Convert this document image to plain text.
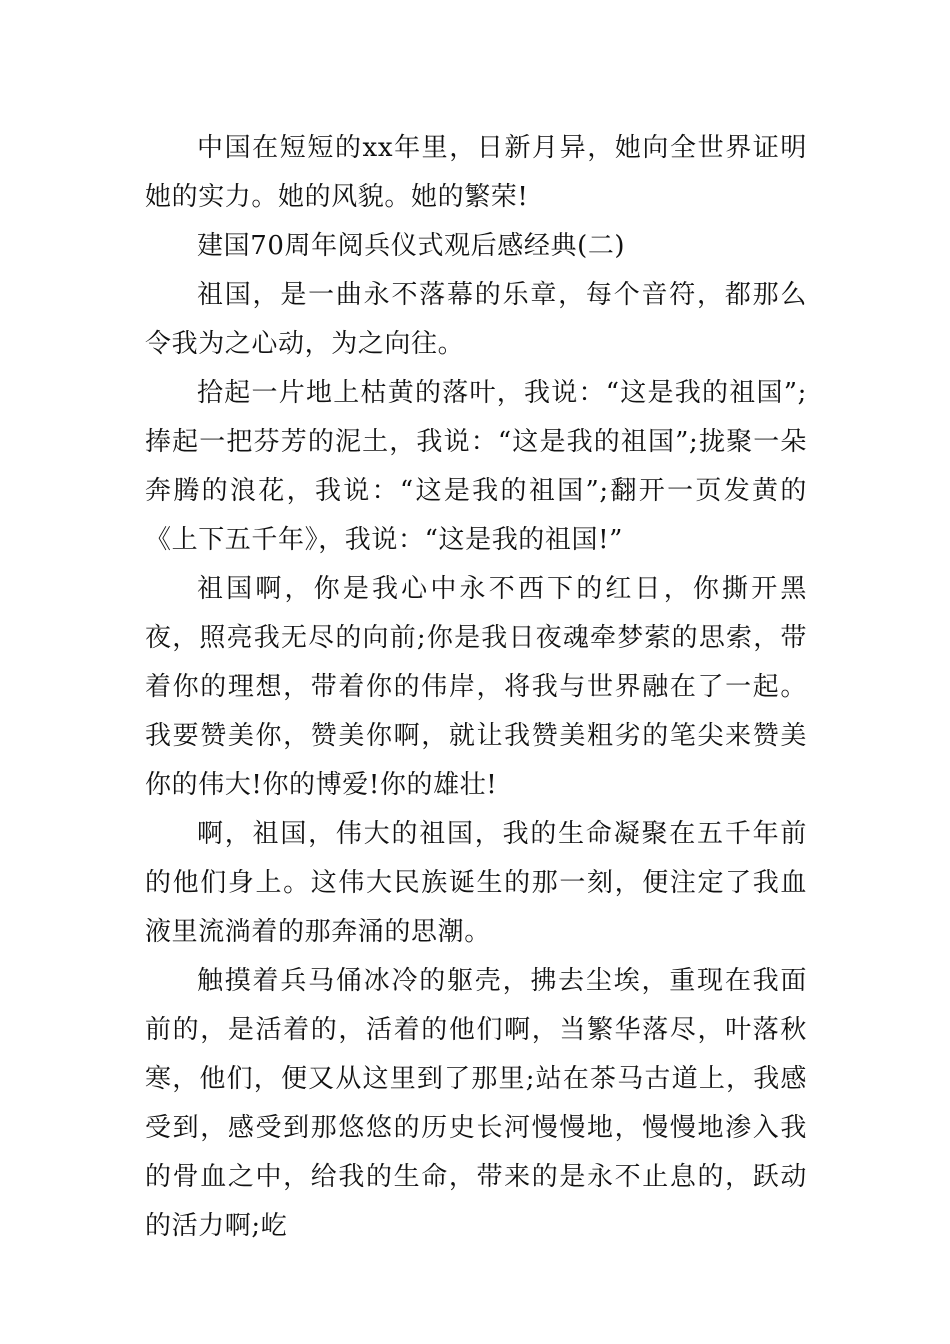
中国在短短的xx年里，日新月异，她向全世界证明她的实力。她的风貌。她的繁荣!

建国70周年阅兵仪式观后感经典(二)

祖国，是一曲永不落幕的乐章，每个音符，都那么令我为之心动，为之向往。

拾起一片地上枯黄的落叶，我说：“这是我的祖国”;捧起一把芬芳的泥土，我说：“这是我的祖国”;拢聚一朵奔腾的浪花，我说：“这是我的祖国”;翻开一页发黄的《上下五千年》，我说：“这是我的祖国!”

祖国啊，你是我心中永不西下的红日，你撕开黑夜，照亮我无尽的向前;你是我日夜魂牵梦萦的思索，带着你的理想，带着你的伟岸，将我与世界融在了一起。我要赞美你，赞美你啊，就让我赞美粗劣的笔尖来赞美你的伟大!你的博爱!你的雄壮!

啊，祖国，伟大的祖国，我的生命凝聚在五千年前的他们身上。这伟大民族诞生的那一刻，便注定了我血液里流淌着的那奔涌的思潮。

触摸着兵马俑冰冷的躯壳，拂去尘埃，重现在我面前的，是活着的，活着的他们啊，当繁华落尽，叶落秋寒，他们，便又从这里到了那里;站在茶马古道上，我感受到，感受到那悠悠的历史长河慢慢地，慢慢地渗入我的骨血之中，给我的生命，带来的是永不止息的，跃动的活力啊;屹
